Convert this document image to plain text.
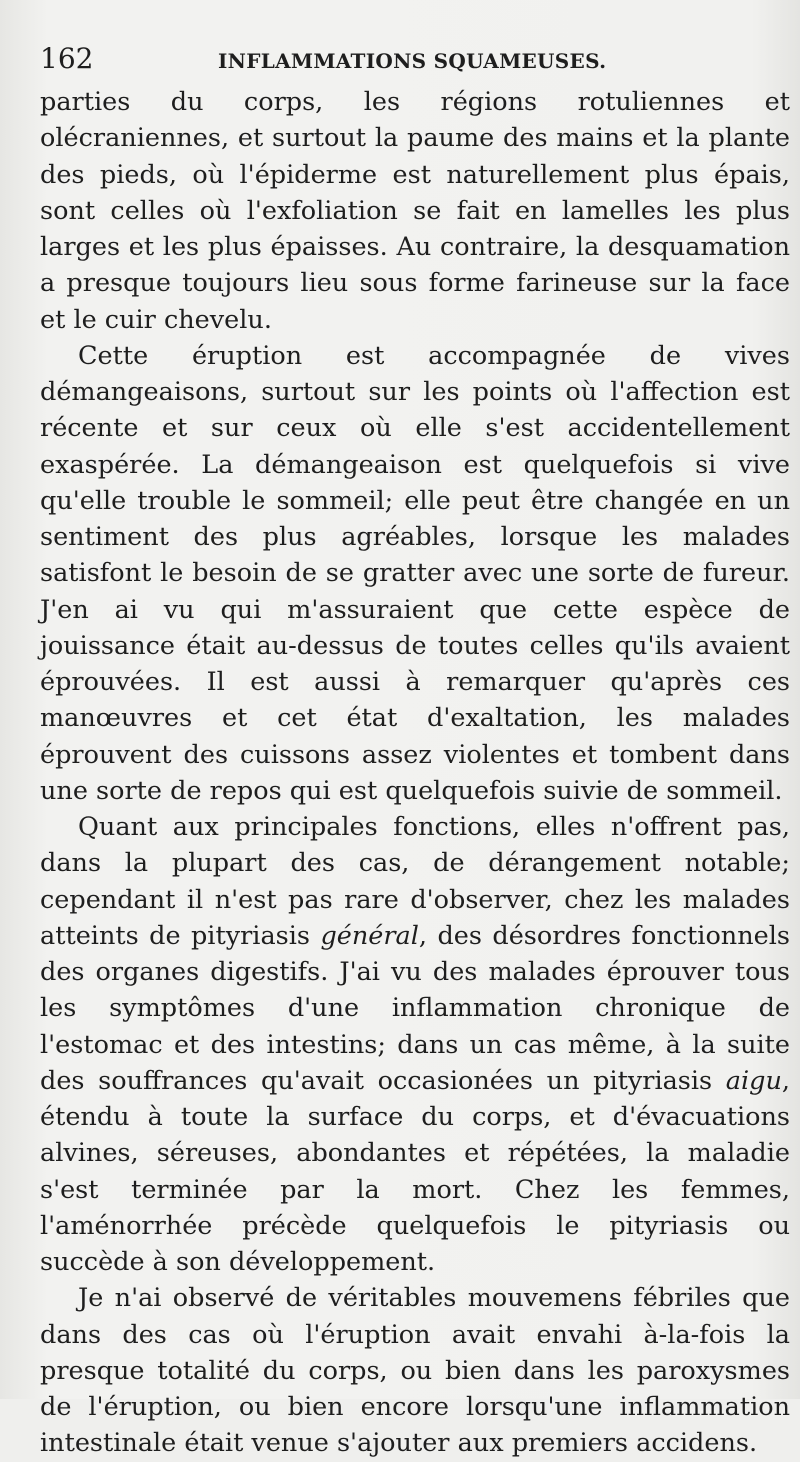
162	INFLAMMATIONS SQUAMEUSES.

parties du corps, les régions rotuliennes et olécraniennes, et surtout la paume des mains et la plante des pieds, où l'épiderme est naturellement plus épais, sont celles où l'exfoliation se fait en lamelles les plus larges et les plus épaisses. Au contraire, la desquamation a presque toujours lieu sous forme farineuse sur la face et le cuir chevelu.

Cette éruption est accompagnée de vives démangeaisons, surtout sur les points où l'affection est récente et sur ceux où elle s'est accidentellement exaspérée. La démangeaison est quelquefois si vive qu'elle trouble le sommeil; elle peut être changée en un sentiment des plus agréables, lorsque les malades satisfont le besoin de se gratter avec une sorte de fureur. J'en ai vu qui m'assuraient que cette espèce de jouissance était au-dessus de toutes celles qu'ils avaient éprouvées. Il est aussi à remarquer qu'après ces manœuvres et cet état d'exaltation, les malades éprouvent des cuissons assez violentes et tombent dans une sorte de repos qui est quelquefois suivie de sommeil.

Quant aux principales fonctions, elles n'offrent pas, dans la plupart des cas, de dérangement notable; cependant il n'est pas rare d'observer, chez les malades atteints de pityriasis général, des désordres fonctionnels des organes digestifs. J'ai vu des malades éprouver tous les symptômes d'une inflammation chronique de l'estomac et des intestins; dans un cas même, à la suite des souffrances qu'avait occasionées un pityriasis aigu, étendu à toute la surface du corps, et d'évacuations alvines, séreuses, abondantes et répétées, la maladie s'est terminée par la mort. Chez les femmes, l'aménorrhée précède quelquefois le pityriasis ou succède à son développement.

Je n'ai observé de véritables mouvemens fébriles que dans des cas où l'éruption avait envahi à-la-fois la presque totalité du corps, ou bien dans les paroxysmes de l'éruption, ou bien encore lorsqu'une inflammation intestinale était venue s'ajouter aux premiers accidens.
